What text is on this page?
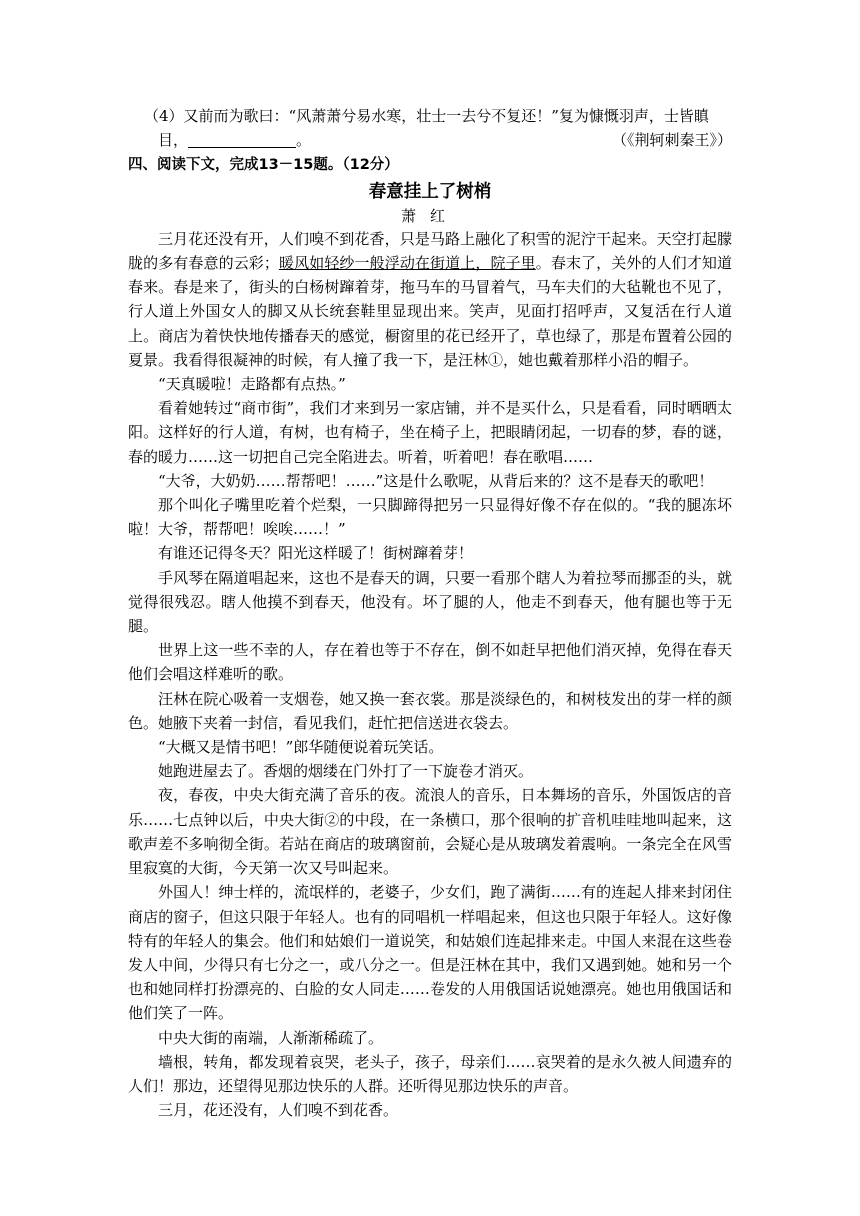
（4）又前而为歌曰：“风萧萧兮易水寒，壮士一去兮不复还！”复为慷慨羽声，士皆瞋
目，	。	（《荆轲刺秦王》）

四、阅读下文，完成13－15题。（12分）

春意挂上了树梢

萧红

三月花还没有开，人们嗅不到花香，只是马路上融化了积雪的泥泞干起来。天空打起朦胧的多有春意的云彩；暖风如轻纱一般浮动在街道上，院子里。春末了，关外的人们才知道春来。春是来了，街头的白杨树蹿着芽，拖马车的马冒着气，马车夫们的大毡靴也不见了，行人道上外国女人的脚又从长统套鞋里显现出来。笑声，见面打招呼声，又复活在行人道上。商店为着快快地传播春天的感觉，橱窗里的花已经开了，草也绿了，那是布置着公园的夏景。我看得很凝神的时候，有人撞了我一下，是汪林①，她也戴着那样小沿的帽子。

“天真暖啦！走路都有点热。”

看着她转过“商市街”，我们才来到另一家店铺，并不是买什么，只是看看，同时晒晒太阳。这样好的行人道，有树，也有椅子，坐在椅子上，把眼睛闭起，一切春的梦，春的谜，春的暖力……这一切把自己完全陷进去。听着，听着吧！春在歌唱……

“大爷，大奶奶……帮帮吧！……”这是什么歌呢，从背后来的？这不是春天的歌吧！

那个叫化子嘴里吃着个烂梨，一只脚蹄得把另一只显得好像不存在似的。“我的腿冻坏啦！大爷，帮帮吧！唉唉……！”

有谁还记得冬天？阳光这样暖了！街树蹿着芽！

手风琴在隔道唱起来，这也不是春天的调，只要一看那个瞎人为着拉琴而挪歪的头，就觉得很残忍。瞎人他摸不到春天，他没有。坏了腿的人，他走不到春天，他有腿也等于无腿。

世界上这一些不幸的人，存在着也等于不存在，倒不如赶早把他们消灭掉，免得在春天他们会唱这样难听的歌。

汪林在院心吸着一支烟卷，她又换一套衣裳。那是淡绿色的，和树枝发出的芽一样的颜色。她腋下夹着一封信，看见我们，赶忙把信送进衣袋去。

“大概又是情书吧！”郎华随便说着玩笑话。

她跑进屋去了。香烟的烟缕在门外打了一下旋卷才消灭。

夜，春夜，中央大街充满了音乐的夜。流浪人的音乐，日本舞场的音乐，外国饭店的音乐……七点钟以后，中央大街②的中段，在一条横口，那个很响的扩音机哇哇地叫起来，这歌声差不多响彻全街。若站在商店的玻璃窗前，会疑心是从玻璃发着震响。一条完全在风雪里寂寞的大街，今天第一次又号叫起来。

外国人！绅士样的，流氓样的，老婆子，少女们，跑了满街……有的连起人排来封闭住商店的窗子，但这只限于年轻人。也有的同唱机一样唱起来，但这也只限于年轻人。这好像特有的年轻人的集会。他们和姑娘们一道说笑，和姑娘们连起排来走。中国人来混在这些卷发人中间，少得只有七分之一，或八分之一。但是汪林在其中，我们又遇到她。她和另一个也和她同样打扮漂亮的、白脸的女人同走……卷发的人用俄国话说她漂亮。她也用俄国话和他们笑了一阵。

中央大街的南端，人渐渐稀疏了。

墙根，转角，都发现着哀哭，老头子，孩子，母亲们……哀哭着的是永久被人间遗弃的人们！那边，还望得见那边快乐的人群。还听得见那边快乐的声音。

三月，花还没有，人们嗅不到花香。
